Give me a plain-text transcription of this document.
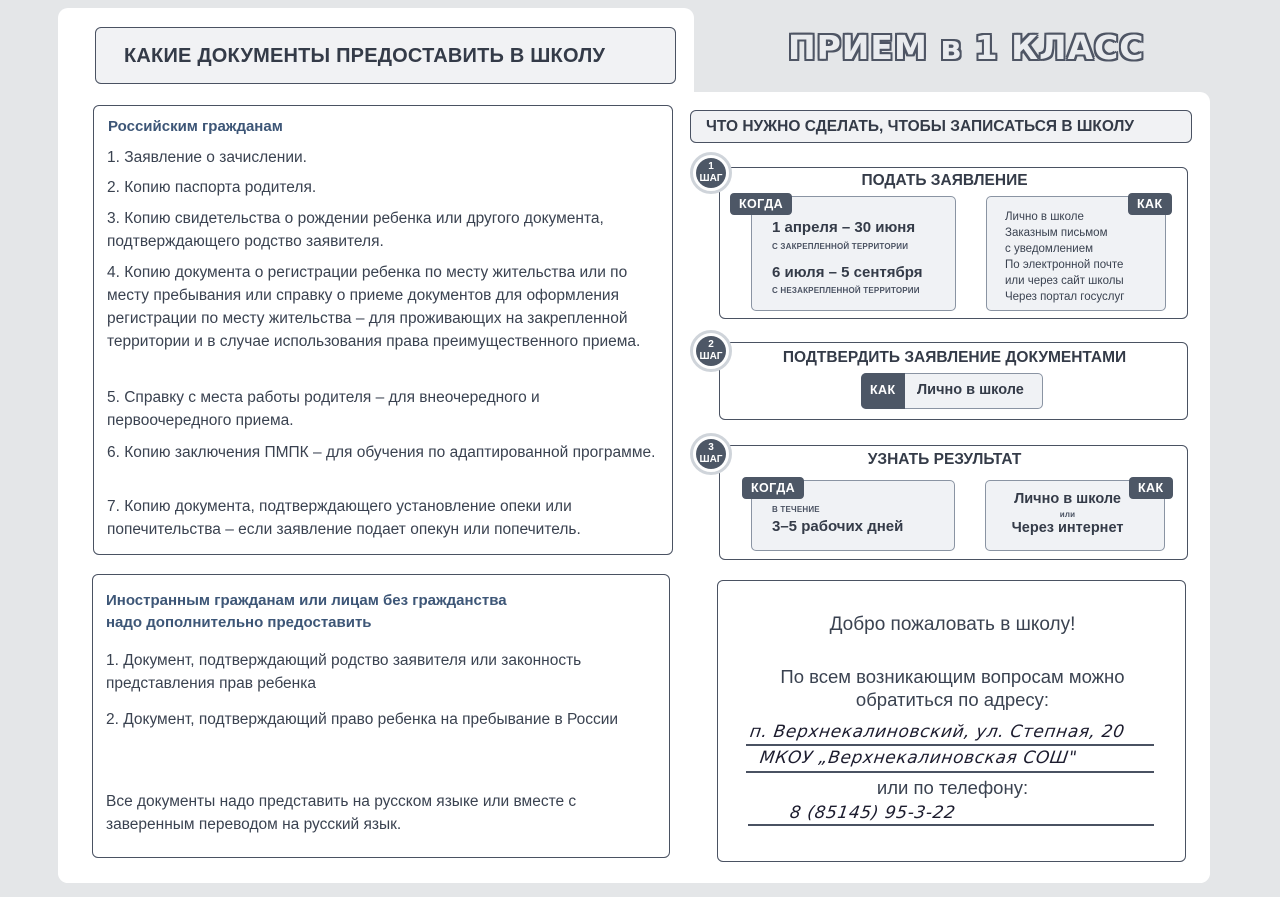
КАКИЕ ДОКУМЕНТЫ ПРЕДОСТАВИТЬ В ШКОЛУ	ПРИЕМ в 1 КЛАСС
Российским гражданам
1. Заявление о зачислении.
2. Копию паспорта родителя.
3. Копию свидетельства о рождении ребенка или другого документа, подтверждающего родство заявителя.
4. Копию документа о регистрации ребенка по месту жительства или по месту пребывания или справку о приеме документов для оформления регистрации по месту жительства – для проживающих на закрепленной территории и в случае использования права преимущественного приема.
5. Справку с места работы родителя – для внеочередного и первоочередного приема.
6. Копию заключения ПМПК – для обучения по адаптированной программе.
7. Копию документа, подтверждающего установление опеки или попечительства – если заявление подает опекун или попечитель.
Иностранным гражданам или лицам без гражданства
надо дополнительно предоставить
1. Документ, подтверждающий родство заявителя или законность представления прав ребенка
2. Документ, подтверждающий право ребенка на пребывание в России
Все документы надо представить на русском языке или вместе с заверенным переводом на русский язык.
ЧТО НУЖНО СДЕЛАТЬ, ЧТОБЫ ЗАПИСАТЬСЯ В ШКОЛУ
ПОДАТЬ ЗАЯВЛЕНИЕ
1 апреля – 30 июня
С ЗАКРЕПЛЕННОЙ ТЕРРИТОРИИ
6 июля – 5 сентября
С НЕЗАКРЕПЛЕННОЙ ТЕРРИТОРИИ
КОГДА
Лично в школе
Заказным письмом
с уведомлением
По электронной почте
или через сайт школы
Через портал госуслуг
КАК
1
ШАГ
ПОДТВЕРДИТЬ ЗАЯВЛЕНИЕ ДОКУМЕНТАМИ
Лично в школе
КАК
2
ШАГ
УЗНАТЬ РЕЗУЛЬТАТ
В ТЕЧЕНИЕ
3–5 рабочих дней
КОГДА
Лично в школе
или
Через интернет
КАК
3
ШАГ
Добро пожаловать в школу!
По всем возникающим вопросам можно
обратиться по адресу:
п. Верхнекалиновский, ул. Степная, 20
МКОУ „Верхнекалиновская СОШ"
или по телефону:
8 (85145) 95-3-22
